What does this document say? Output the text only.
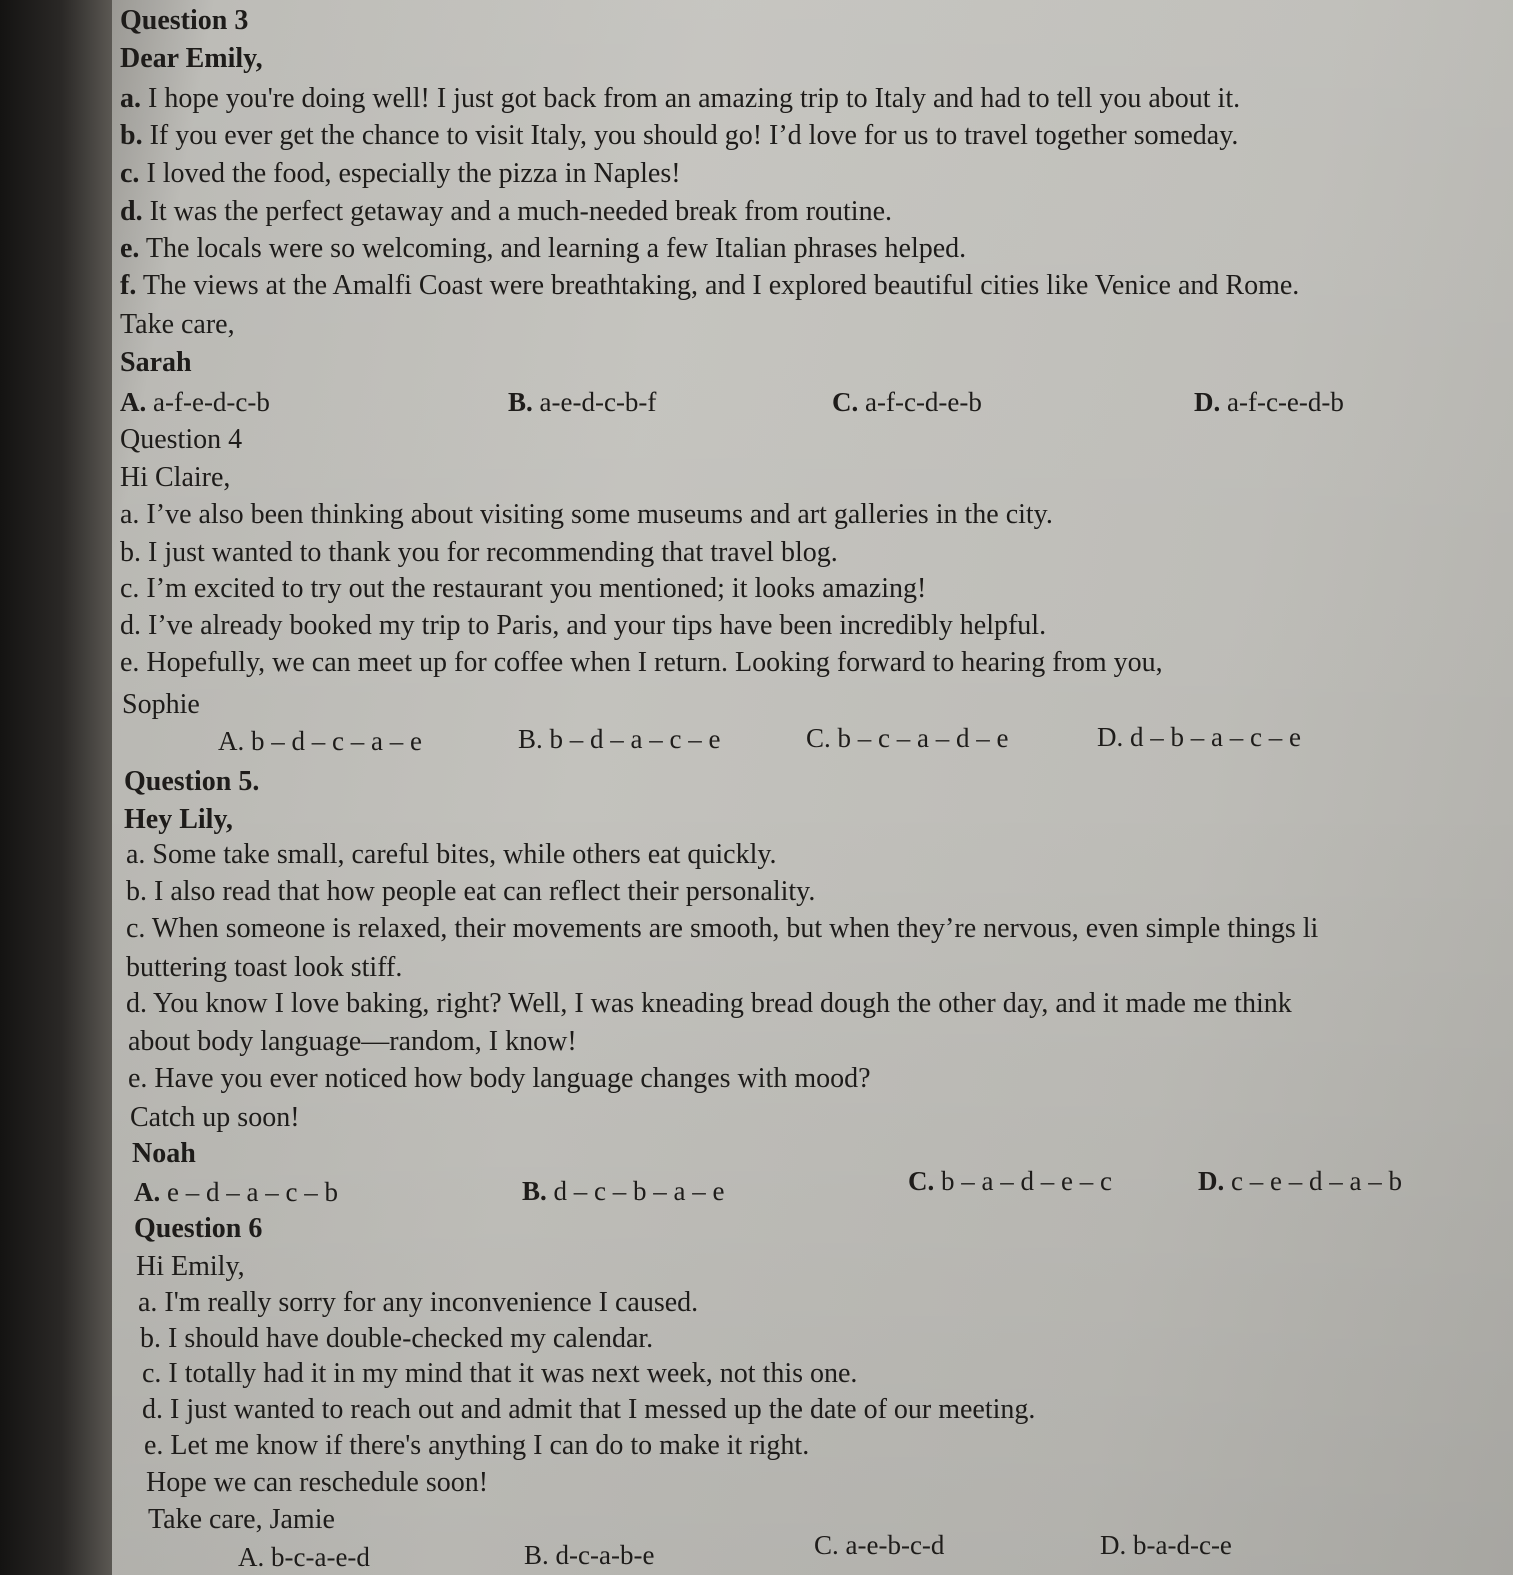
Question 3
Dear Emily,
a. I hope you're doing well! I just got back from an amazing trip to Italy and had to tell you about it.
b. If you ever get the chance to visit Italy, you should go! I’d love for us to travel together someday.
c. I loved the food, especially the pizza in Naples!
d. It was the perfect getaway and a much-needed break from routine.
e. The locals were so welcoming, and learning a few Italian phrases helped.
f. The views at the Amalfi Coast were breathtaking, and I explored beautiful cities like Venice and Rome.
Take care,
Sarah
A. a-f-e-d-c-b	B. a-e-d-c-b-f	C. a-f-c-d-e-b	D. a-f-c-e-d-b
Question 4
Hi Claire,
a. I’ve also been thinking about visiting some museums and art galleries in the city.
b. I just wanted to thank you for recommending that travel blog.
c. I’m excited to try out the restaurant you mentioned; it looks amazing!
d. I’ve already booked my trip to Paris, and your tips have been incredibly helpful.
e. Hopefully, we can meet up for coffee when I return. Looking forward to hearing from you,
Sophie
A. b – d – c – a – e	B. b – d – a – c – e	C. b – c – a – d – e	D. d – b – a – c – e
Question 5.
Hey Lily,
a. Some take small, careful bites, while others eat quickly.
b. I also read that how people eat can reflect their personality.
c. When someone is relaxed, their movements are smooth, but when they’re nervous, even simple things li
buttering toast look stiff.
d. You know I love baking, right? Well, I was kneading bread dough the other day, and it made me think
about body language—random, I know!
e. Have you ever noticed how body language changes with mood?
Catch up soon!
Noah
A. e – d – a – c – b	B. d – c – b – a – e	C. b – a – d – e – c	D. c – e – d – a – b
Question 6
Hi Emily,
a. I'm really sorry for any inconvenience I caused.
b. I should have double-checked my calendar.
c. I totally had it in my mind that it was next week, not this one.
d. I just wanted to reach out and admit that I messed up the date of our meeting.
e. Let me know if there's anything I can do to make it right.
Hope we can reschedule soon!
Take care, Jamie
A. b-c-a-e-d	B. d-c-a-b-e	C. a-e-b-c-d	D. b-a-d-c-e
